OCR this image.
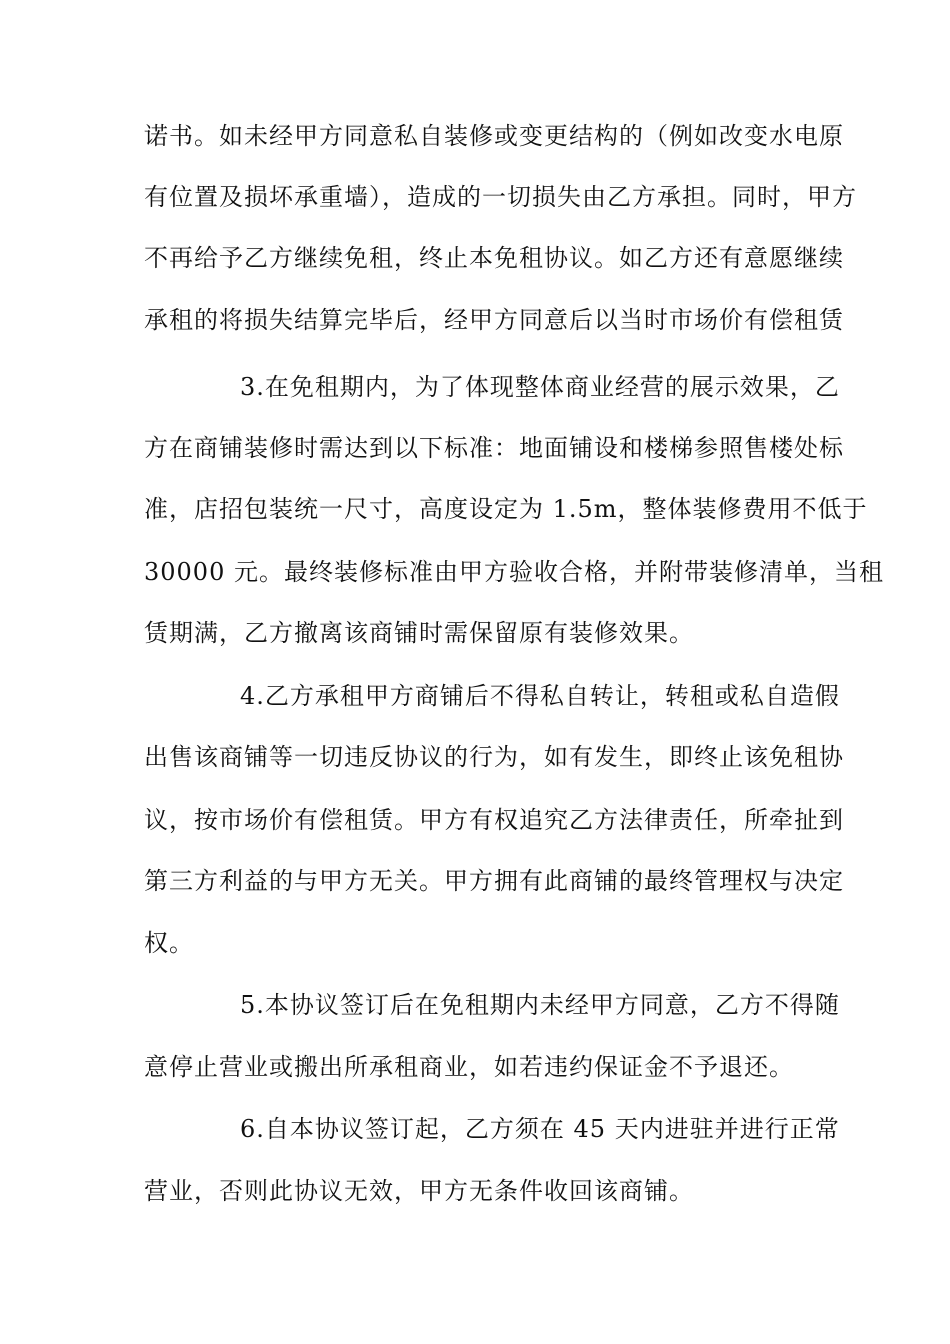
诺书。如未经甲方同意私自装修或变更结构的（例如改变水电原
有位置及损坏承重墙），造成的一切损失由乙方承担。同时，甲方
不再给予乙方继续免租，终止本免租协议。如乙方还有意愿继续
承租的将损失结算完毕后，经甲方同意后以当时市场价有偿租赁
3.在免租期内，为了体现整体商业经营的展示效果，乙
方在商铺装修时需达到以下标准：地面铺设和楼梯参照售楼处标
准，店招包装统一尺寸，高度设定为 1.5m，整体装修费用不低于
30000 元。最终装修标准由甲方验收合格，并附带装修清单，当租
赁期满，乙方撤离该商铺时需保留原有装修效果。
4.乙方承租甲方商铺后不得私自转让，转租或私自造假
出售该商铺等一切违反协议的行为，如有发生，即终止该免租协
议，按市场价有偿租赁。甲方有权追究乙方法律责任，所牵扯到
第三方利益的与甲方无关。甲方拥有此商铺的最终管理权与决定
权。
5.本协议签订后在免租期内未经甲方同意，乙方不得随
意停止营业或搬出所承租商业，如若违约保证金不予退还。
6.自本协议签订起，乙方须在 45 天内进驻并进行正常
营业，否则此协议无效，甲方无条件收回该商铺。
